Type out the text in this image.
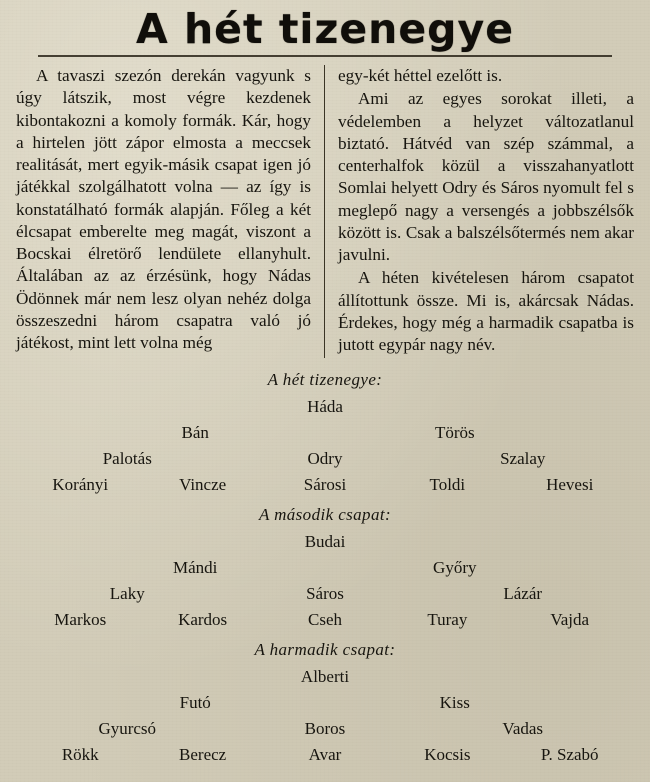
A hét tizenegye

A tavaszi szezón derekán vagyunk s úgy látszik, most végre kezdenek kibontakozni a komoly formák. Kár, hogy a hirtelen jött zápor elmosta a meccsek realitását, mert egyik-másik csapat igen jó játékkal szolgálhatott volna — az így is konstatálható formák alapján. Főleg a két élcsapat emberelte meg magát, viszont a Bocskai élretörő lendülete ellanyhult. Általában az az érzésünk, hogy Nádas Ödönnek már nem lesz olyan nehéz dolga összeszedni három csapatra való jó játékost, mint lett volna még

egy-két héttel ezelőtt is.

Ami az egyes sorokat illeti, a védelemben a helyzet változatlanul biztató. Hátvéd van szép számmal, a centerhalfok közül a visszahanyatlott Somlai helyett Odry és Sáros nyomult fel s meglepő nagy a versengés a jobbszélsők között is. Csak a balszélsőtermés nem akar javulni.

A héten kivételesen három csapatot állítottunk össze. Mi is, akárcsak Nádas. Érdekes, hogy még a harmadik csapatba is jutott egypár nagy név.

A hét tizenegye:
Háda
Bán	Törös
Palotás	Odry	Szalay
Korányi	Vincze	Sárosi	Toldi	Hevesi
A második csapat:
Budai
Mándi	Győry
Laky	Sáros	Lázár
Markos	Kardos	Cseh	Turay	Vajda
A harmadik csapat:
Alberti
Futó	Kiss
Gyurcsó	Boros	Vadas
Rökk	Berecz	Avar	Kocsis	P. Szabó
